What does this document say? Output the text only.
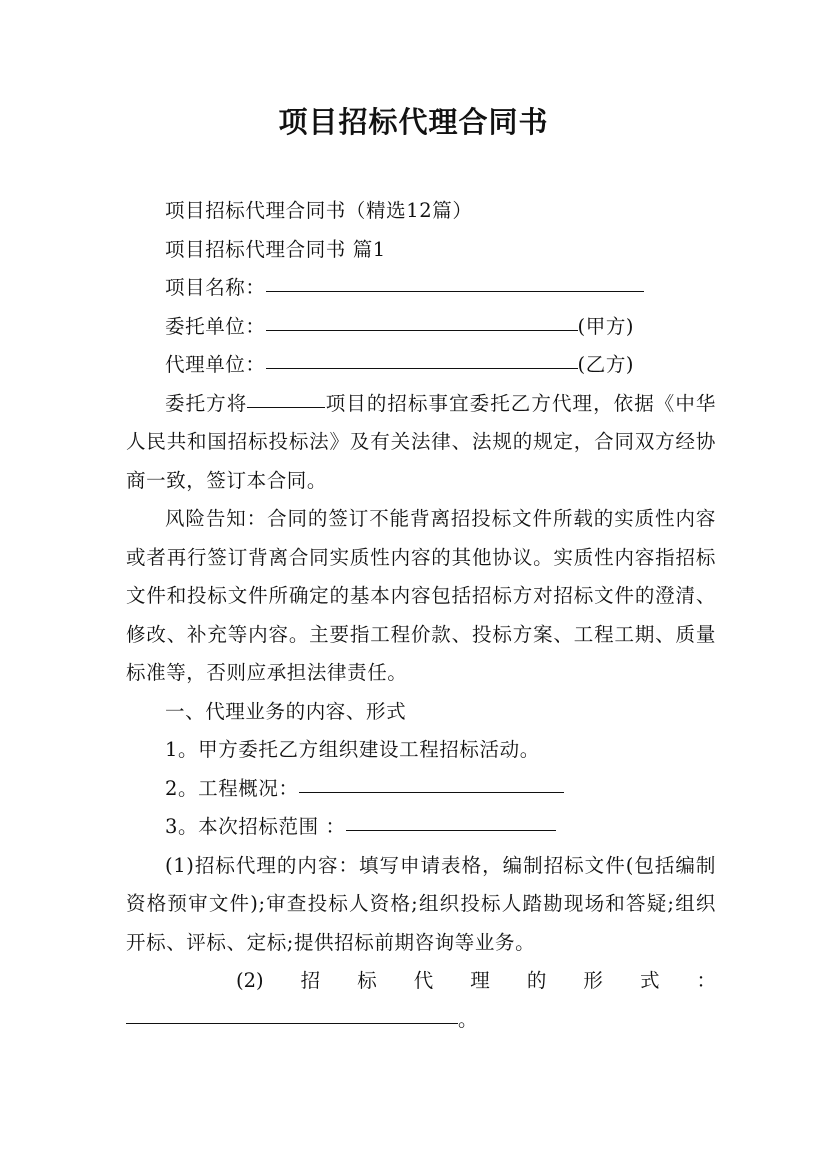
项目招标代理合同书

项目招标代理合同书（精选12篇）

项目招标代理合同书 篇1

项目名称：

委托单位：	(甲方)

代理单位：	(乙方)

委托方将	项目的招标事宜委托乙方代理，依据《中华人民共和国招标投标法》及有关法律、法规的规定，合同双方经协商一致，签订本合同。

风险告知：合同的签订不能背离招投标文件所载的实质性内容或者再行签订背离合同实质性内容的其他协议。实质性内容指招标文件和投标文件所确定的基本内容包括招标方对招标文件的澄清、修改、补充等内容。主要指工程价款、投标方案、工程工期、质量标准等，否则应承担法律责任。

一、代理业务的内容、形式

1。甲方委托乙方组织建设工程招标活动。

2。工程概况：

3。本次招标范围 ：

(1)招标代理的内容：填写申请表格，编制招标文件(包括编制资格预审文件);审查投标人资格;组织投标人踏勘现场和答疑;组织开标、评标、定标;提供招标前期咨询等业务。

(2) 招 标 代 理 的 形 式 ：

。
